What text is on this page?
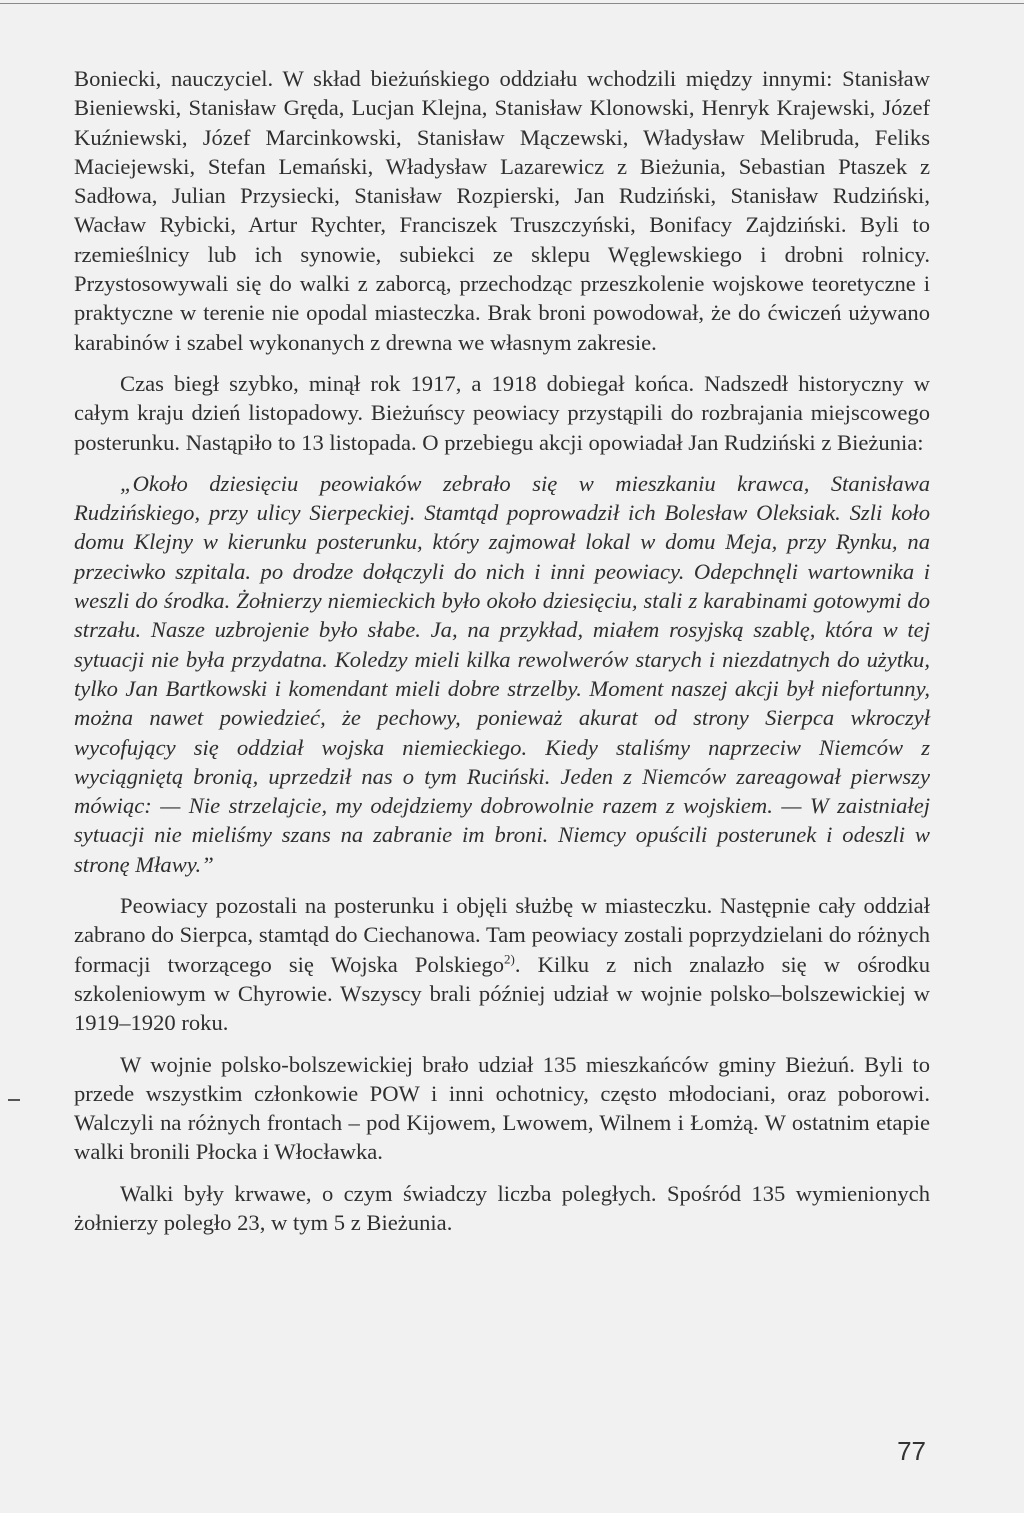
Boniecki, nauczyciel. W skład bieżuńskiego oddziału wchodzili między innymi: Stanisław Bieniewski, Stanisław Gręda, Lucjan Klejna, Stanisław Klonowski, Henryk Krajewski, Józef Kuźniewski, Józef Marcinkowski, Stanisław Mączewski, Władysław Melibruda, Feliks Maciejewski, Stefan Lemański, Władysław Lazarewicz z Bieżunia, Sebastian Ptaszek z Sadłowa, Julian Przysiecki, Stanisław Rozpierski, Jan Rudziński, Stanisław Rudziński, Wacław Rybicki, Artur Rychter, Franciszek Truszczyński, Bonifacy Zajdziński. Byli to rzemieślnicy lub ich synowie, subiekci ze sklepu Węglewskiego i drobni rolnicy. Przystosowywali się do walki z zaborcą, przechodząc przeszkolenie wojskowe teoretyczne i praktyczne w terenie nie opodal miasteczka. Brak broni powodował, że do ćwiczeń używano karabinów i szabel wykonanych z drewna we własnym zakresie.

Czas biegł szybko, minął rok 1917, a 1918 dobiegał końca. Nadszedł historyczny w całym kraju dzień listopadowy. Bieżuńscy peowiacy przystąpili do rozbrajania miejscowego posterunku. Nastąpiło to 13 listopada. O przebiegu akcji opowiadał Jan Rudziński z Bieżunia:

„Około dziesięciu peowiaków zebrało się w mieszkaniu krawca, Stanisława Rudzińskiego, przy ulicy Sierpeckiej. Stamtąd poprowadził ich Bolesław Oleksiak. Szli koło domu Klejny w kierunku posterunku, który zajmował lokal w domu Meja, przy Rynku, na przeciwko szpitala. po drodze dołączyli do nich i inni peowiacy. Odepchnęli wartownika i weszli do środka. Żołnierzy niemieckich było około dziesięciu, stali z karabinami gotowymi do strzału. Nasze uzbrojenie było słabe. Ja, na przykład, miałem rosyjską szablę, która w tej sytuacji nie była przydatna. Koledzy mieli kilka rewolwerów starych i niezdatnych do użytku, tylko Jan Bartkowski i komendant mieli dobre strzelby. Moment naszej akcji był niefortunny, można nawet powiedzieć, że pechowy, ponieważ akurat od strony Sierpca wkroczył wycofujący się oddział wojska niemieckiego. Kiedy staliśmy naprzeciw Niemców z wyciągniętą bronią, uprzedził nas o tym Ruciński. Jeden z Niemców zareagował pierwszy mówiąc: — Nie strzelajcie, my odejdziemy dobrowolnie razem z wojskiem. — W zaistniałej sytuacji nie mieliśmy szans na zabranie im broni. Niemcy opuścili posterunek i odeszli w stronę Mławy.”

Peowiacy pozostali na posterunku i objęli służbę w miasteczku. Następnie cały oddział zabrano do Sierpca, stamtąd do Ciechanowa. Tam peowiacy zostali poprzydzielani do różnych formacji tworzącego się Wojska Polskiego$^{2)}$. Kilku z nich znalazło się w ośrodku szkoleniowym w Chyrowie. Wszyscy brali później udział w wojnie polsko–bolszewickiej w 1919–1920 roku.

W wojnie polsko-bolszewickiej brało udział 135 mieszkańców gminy Bieżuń. Byli to przede wszystkim członkowie POW i inni ochotnicy, często młodociani, oraz poborowi. Walczyli na różnych frontach – pod Kijowem, Lwowem, Wilnem i Łomżą. W ostatnim etapie walki bronili Płocka i Włocławka.

Walki były krwawe, o czym świadczy liczba poległych. Spośród 135 wymienionych żołnierzy poległo 23, w tym 5 z Bieżunia.

77
